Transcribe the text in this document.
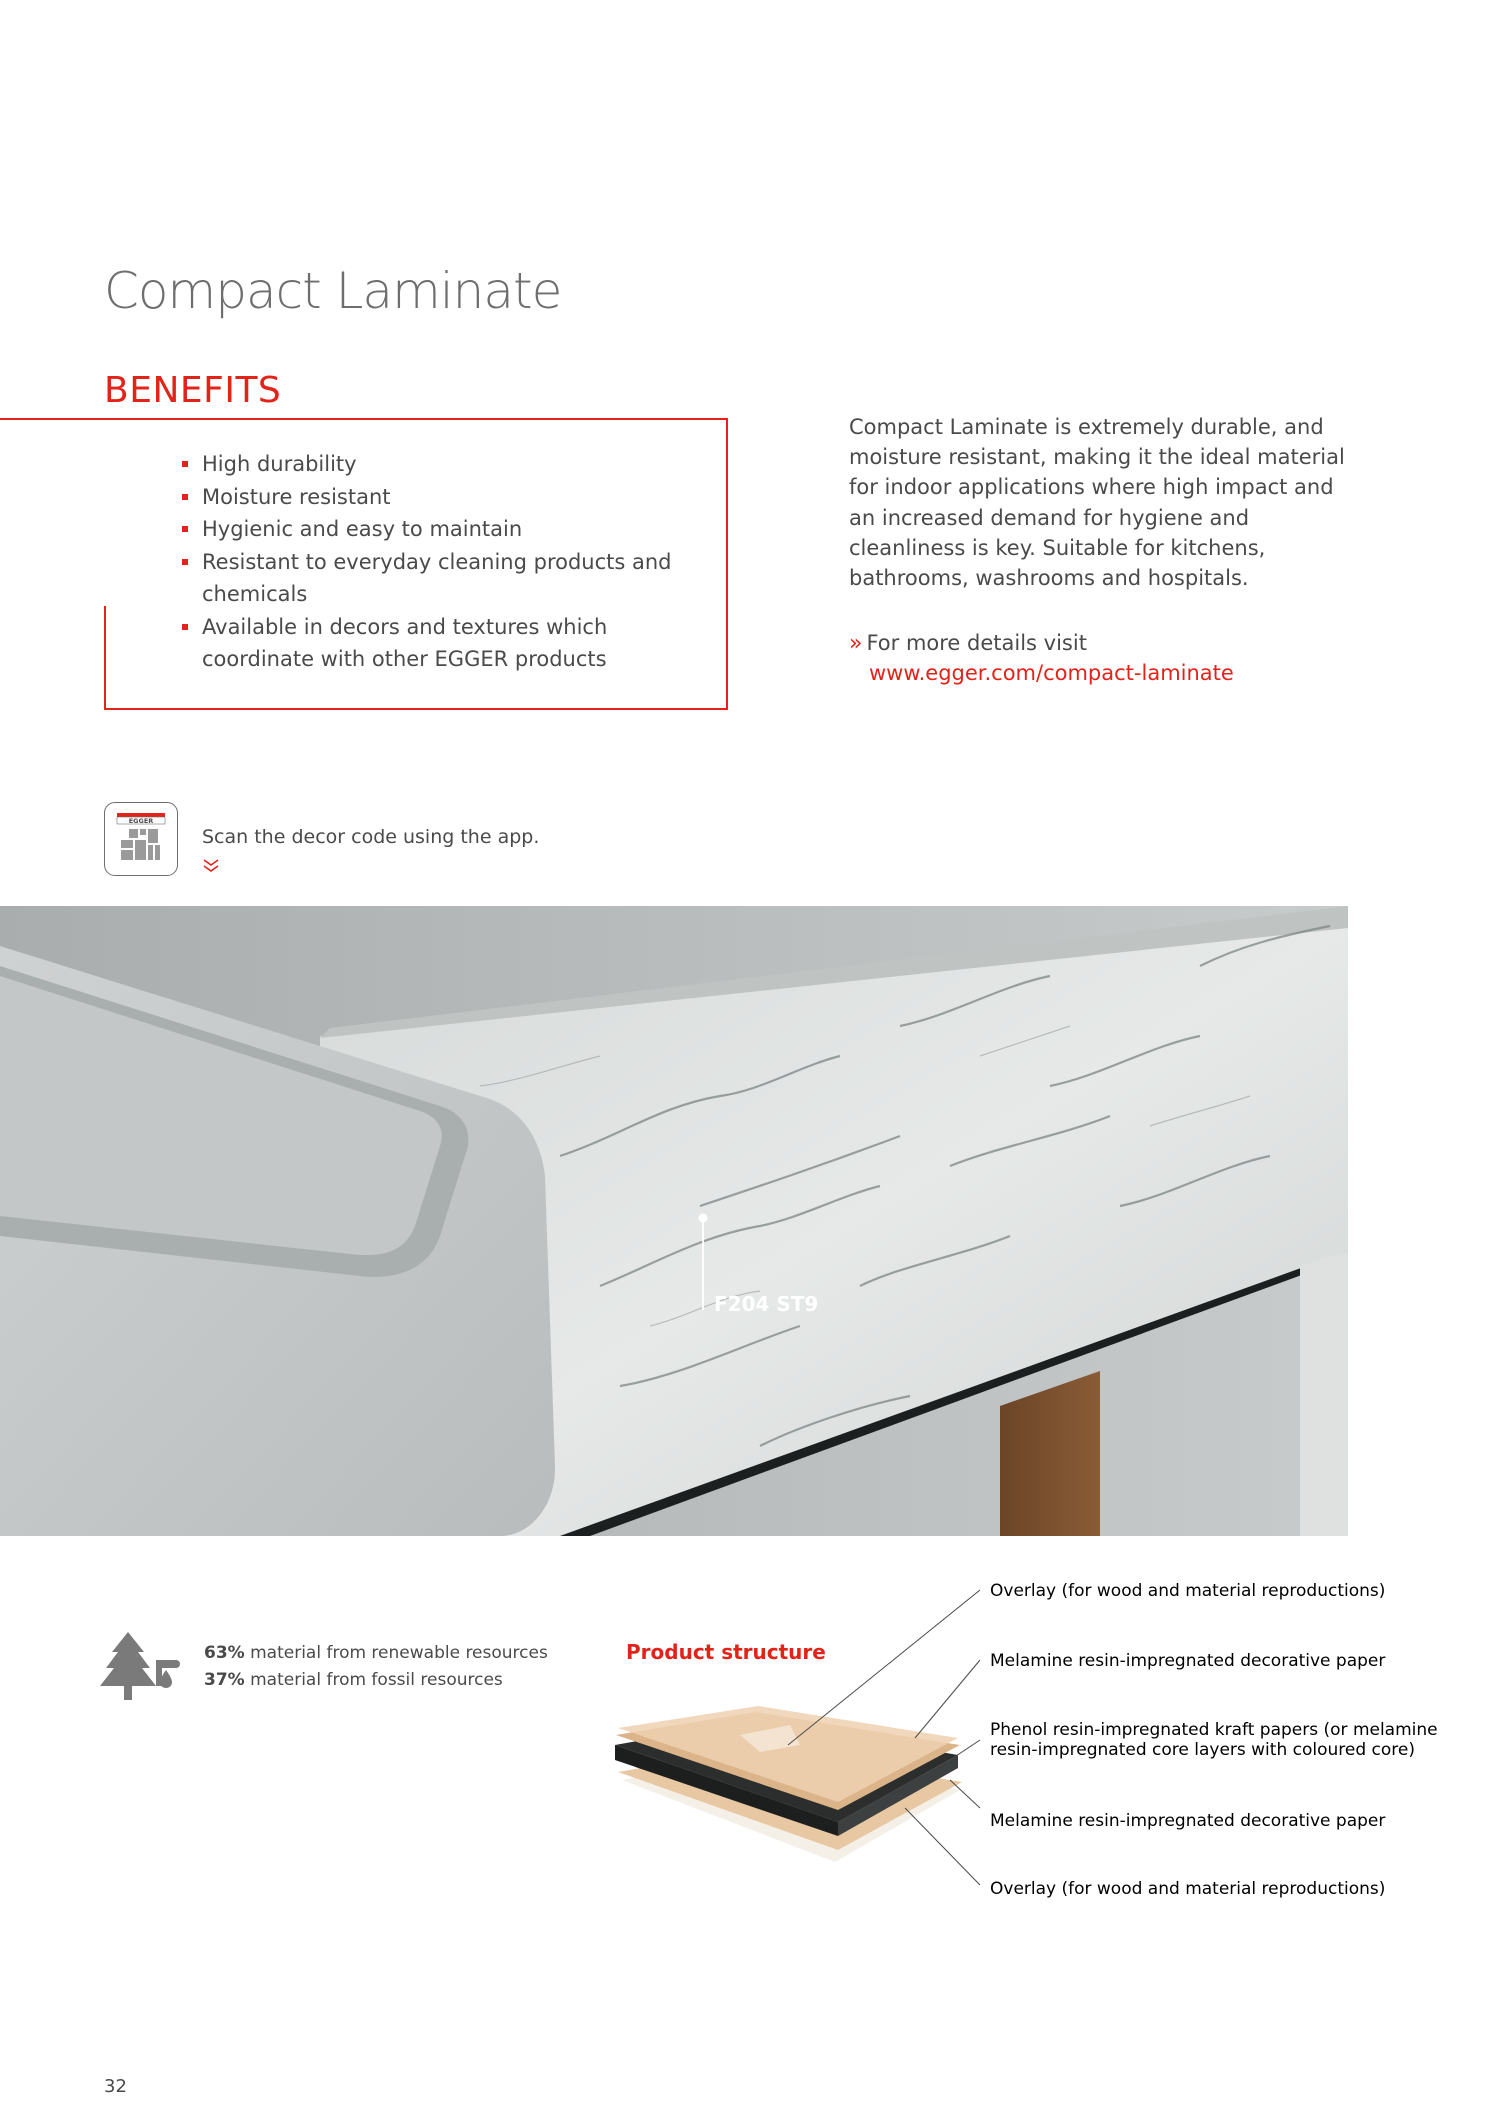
Compact Laminate
BENEFITS
High durability
Moisture resistant
Hygienic and easy to maintain
Resistant to everyday cleaning products and chemicals
Available in decors and textures which coordinate with other EGGER products
Compact Laminate is extremely durable, and moisture resistant, making it the ideal material for indoor applications where high impact and an increased demand for hygiene and cleanliness is key. Suitable for kitchens, bathrooms, washrooms and hospitals.
» For more details visit
www.egger.com/compact-laminate
EGGER
Scan the decor code using the app.
F204 ST9
63% material from renewable resources
37% material from fossil resources
Product structure
Overlay (for wood and material reproductions)
Melamine resin-impregnated decorative paper
Phenol resin-impregnated kraft papers (or melamine
resin-impregnated core layers with coloured core)
Melamine resin-impregnated decorative paper
Overlay (for wood and material reproductions)
32
